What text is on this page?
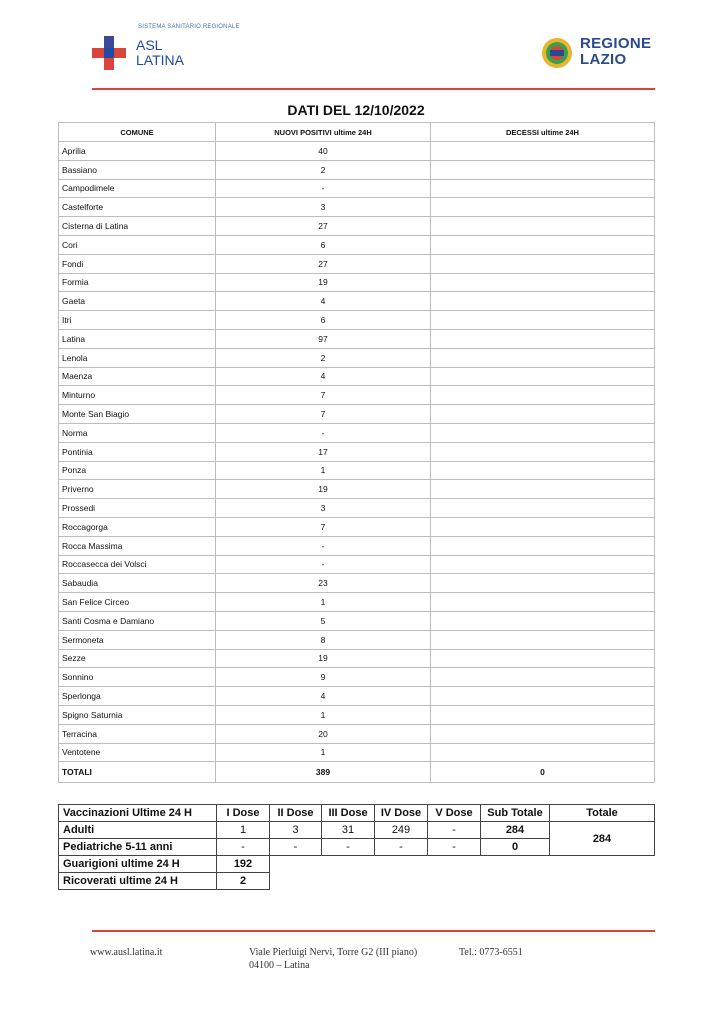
SISTEMA SANITARIO REGIONALE
ASL
LATINA
REGIONE
LAZIO
DATI DEL 12/10/2022
COMUNE	NUOVI POSITIVI ultime 24H	DECESSI ultime 24H
Aprilia	40	
Bassiano	2	
Campodimele	-	
Castelforte	3	
Cisterna di Latina	27	
Cori	6	
Fondi	27	
Formia	19	
Gaeta	4	
Itri	6	
Latina	97	
Lenola	2	
Maenza	4	
Minturno	7	
Monte San Biagio	7	
Norma	-	
Pontinia	17	
Ponza	1	
Priverno	19	
Prossedi	3	
Roccagorga	7	
Rocca Massima	-	
Roccasecca dei Volsci	-	
Sabaudia	23	
San Felice Circeo	1	
Santi Cosma e Damiano	5	
Sermoneta	8	
Sezze	19	
Sonnino	9	
Sperlonga	4	
Spigno Saturnia	1	
Terracina	20	
Ventotene	1	
TOTALI	389	0
Vaccinazioni Ultime 24 H	I Dose	II Dose	III Dose	IV Dose	V Dose	Sub Totale	Totale
Adulti	1	3	31	249	-	284	284
Pediatriche 5-11 anni	-	-	-	-	-	0	
Guarigioni ultime 24 H	192						
Ricoverati ultime 24 H	2						
www.ausl.latina.it	Viale Pierluigi Nervi, Torre G2 (III piano)
04100 – Latina
Tel.: 0773-6551
